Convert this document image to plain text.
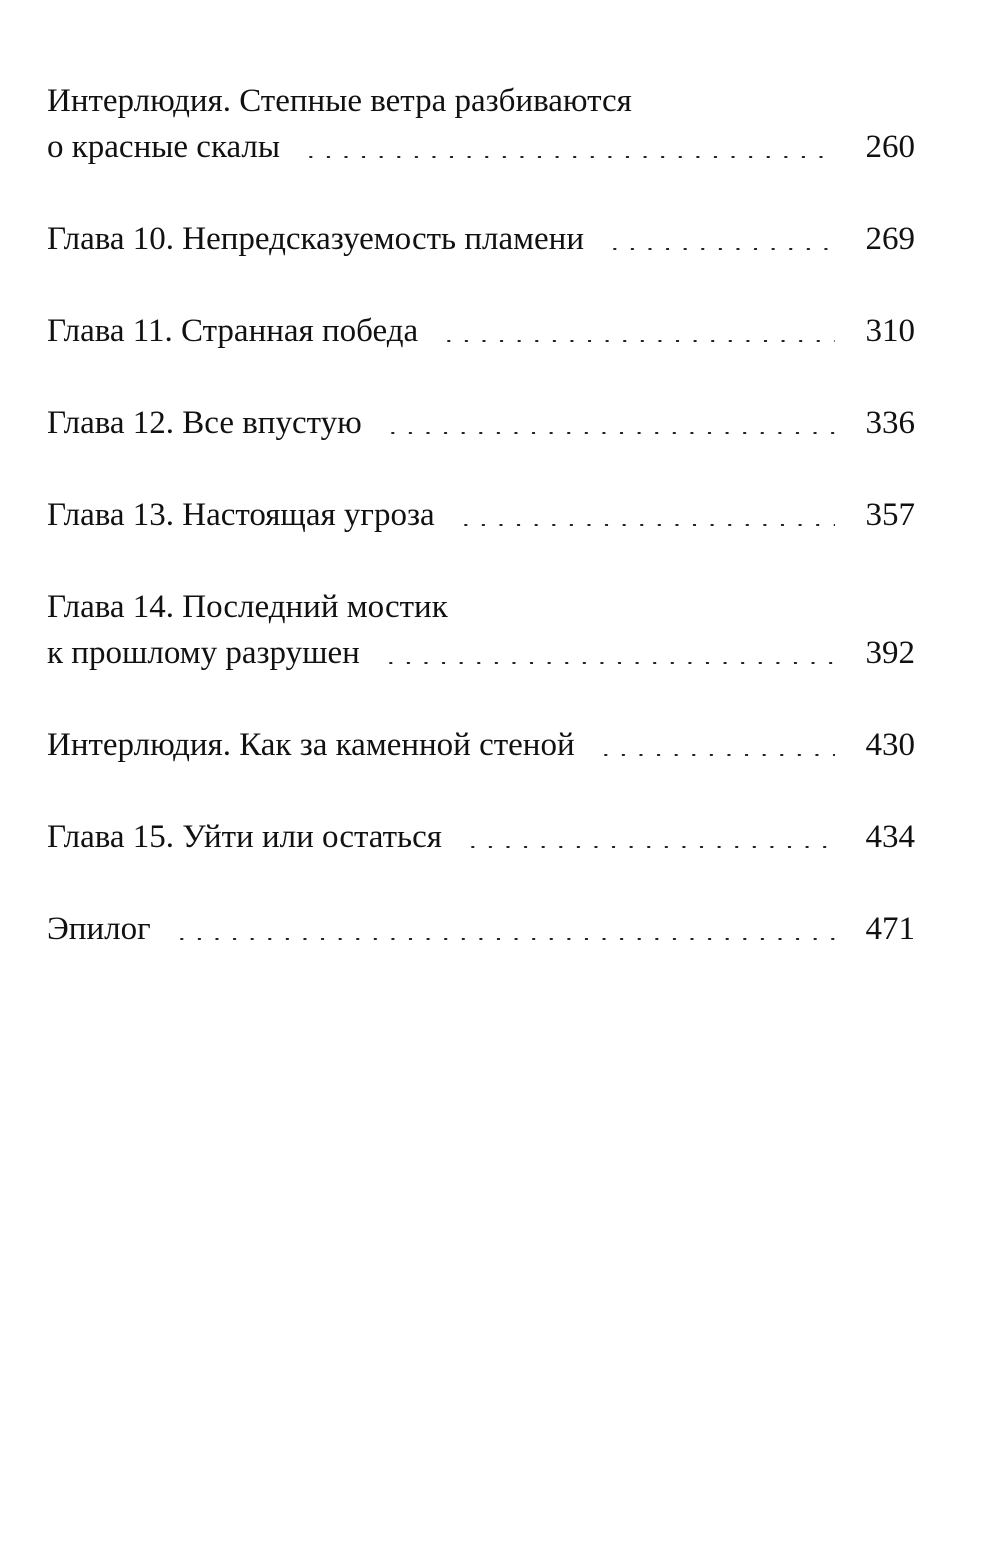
Интерлюдия. Степные ветра разбиваются
о красные скалы	260
Глава 10. Непредсказуемость пламени	269
Глава 11. Странная победа	310
Глава 12. Все впустую	336
Глава 13. Настоящая угроза	357
Глава 14. Последний мостик
к прошлому разрушен	392
Интерлюдия. Как за каменной стеной	430
Глава 15. Уйти или остаться	434
Эпилог	471
